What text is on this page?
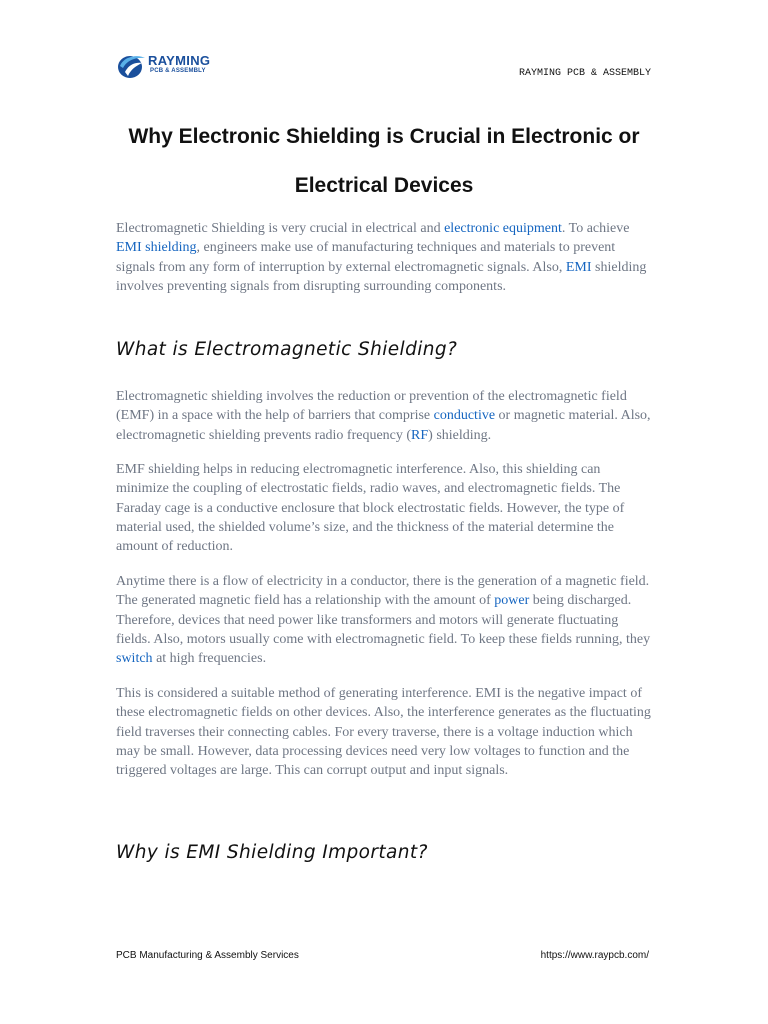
RAYMING
PCB & ASSEMBLY	RAYMING PCB & ASSEMBLY
Why Electronic Shielding is Crucial in Electronic or
Electrical Devices
Electromagnetic Shielding is very crucial in electrical and electronic equipment. To achieve EMI shielding, engineers make use of manufacturing techniques and materials to prevent signals from any form of interruption by external electromagnetic signals. Also, EMI shielding involves preventing signals from disrupting surrounding components.
What is Electromagnetic Shielding?
Electromagnetic shielding involves the reduction or prevention of the electromagnetic field (EMF) in a space with the help of barriers that comprise conductive or magnetic material. Also, electromagnetic shielding prevents radio frequency (RF) shielding.
EMF shielding helps in reducing electromagnetic interference. Also, this shielding can minimize the coupling of electrostatic fields, radio waves, and electromagnetic fields. The Faraday cage is a conductive enclosure that block electrostatic fields. However, the type of material used, the shielded volume’s size, and the thickness of the material determine the amount of reduction.
Anytime there is a flow of electricity in a conductor, there is the generation of a magnetic field. The generated magnetic field has a relationship with the amount of power being discharged. Therefore, devices that need power like transformers and motors will generate fluctuating fields. Also, motors usually come with electromagnetic field. To keep these fields running, they switch at high frequencies.
This is considered a suitable method of generating interference. EMI is the negative impact of these electromagnetic fields on other devices. Also, the interference generates as the fluctuating field traverses their connecting cables. For every traverse, there is a voltage induction which may be small. However, data processing devices need very low voltages to function and the triggered voltages are large. This can corrupt output and input signals.
Why is EMI Shielding Important?
PCB Manufacturing & Assembly Services	https://www.raypcb.com/
